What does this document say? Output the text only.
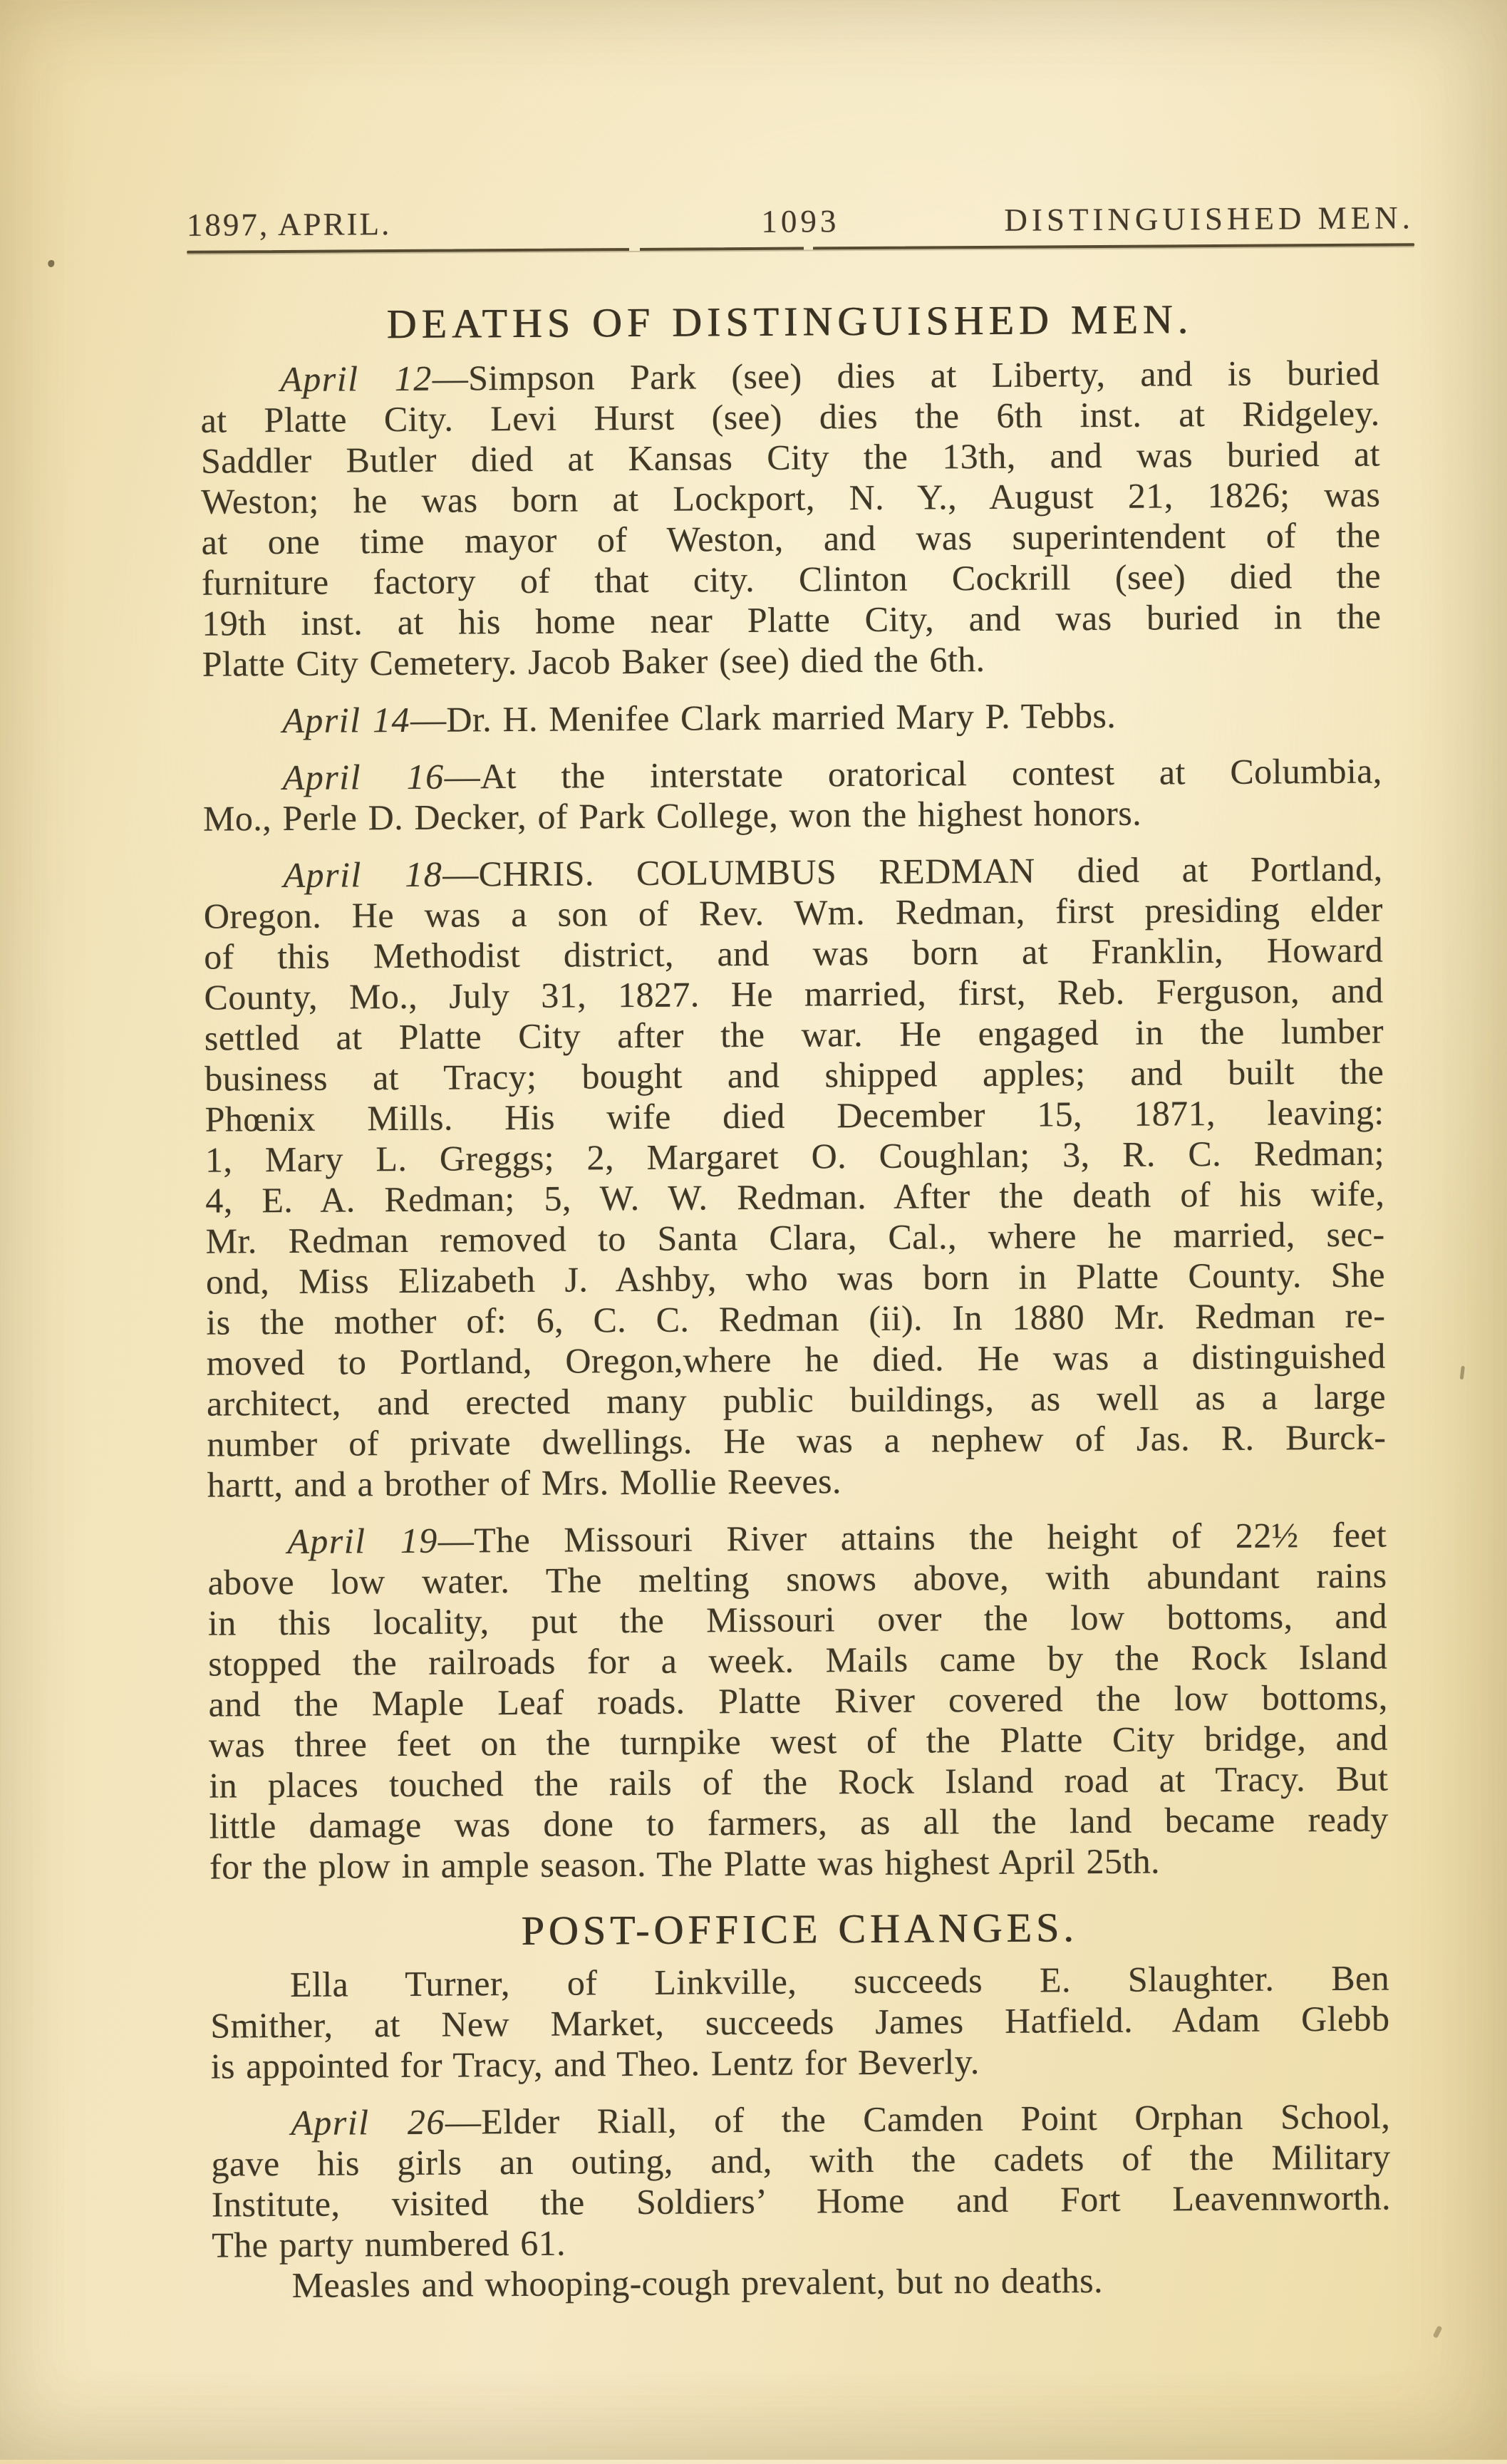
1897, APRIL.	1093	DISTINGUISHED MEN.
DEATHS OF DISTINGUISHED MEN.
April 12—Simpson Park (see) dies at Liberty, and is buried
at Platte City. Levi Hurst (see) dies the 6th inst. at Ridgeley.
Saddler Butler died at Kansas City the 13th, and was buried at
Weston; he was born at Lockport, N. Y., August 21, 1826; was
at one time mayor of Weston, and was superintendent of the
furniture factory of that city. Clinton Cockrill (see) died the
19th inst. at his home near Platte City, and was buried in the
Platte City Cemetery. Jacob Baker (see) died the 6th.
April 14—Dr. H. Menifee Clark married Mary P. Tebbs.
April 16—At the interstate oratorical contest at Columbia,
Mo., Perle D. Decker, of Park College, won the highest honors.
April 18—CHRIS. COLUMBUS REDMAN died at Portland,
Oregon. He was a son of Rev. Wm. Redman, first presiding elder
of this Methodist district, and was born at Franklin, Howard
County, Mo., July 31, 1827. He married, first, Reb. Ferguson, and
settled at Platte City after the war. He engaged in the lumber
business at Tracy; bought and shipped apples; and built the
Phœnix Mills. His wife died December 15, 1871, leaving:
1, Mary L. Greggs; 2, Margaret O. Coughlan; 3, R. C. Redman;
4, E. A. Redman; 5, W. W. Redman. After the death of his wife,
Mr. Redman removed to Santa Clara, Cal., where he married, sec-
ond, Miss Elizabeth J. Ashby, who was born in Platte County. She
is the mother of: 6, C. C. Redman (ii). In 1880 Mr. Redman re-
moved to Portland, Oregon,where he died. He was a distinguished
architect, and erected many public buildings, as well as a large
number of private dwellings. He was a nephew of Jas. R. Burck-
hartt, and a brother of Mrs. Mollie Reeves.
April 19—The Missouri River attains the height of 22½ feet
above low water. The melting snows above, with abundant rains
in this locality, put the Missouri over the low bottoms, and
stopped the railroads for a week. Mails came by the Rock Island
and the Maple Leaf roads. Platte River covered the low bottoms,
was three feet on the turnpike west of the Platte City bridge, and
in places touched the rails of the Rock Island road at Tracy. But
little damage was done to farmers, as all the land became ready
for the plow in ample season. The Platte was highest April 25th.
POST-OFFICE CHANGES.
Ella Turner, of Linkville, succeeds E. Slaughter. Ben
Smither, at New Market, succeeds James Hatfield. Adam Glebb
is appointed for Tracy, and Theo. Lentz for Beverly.
April 26—Elder Riall, of the Camden Point Orphan School,
gave his girls an outing, and, with the cadets of the Military
Institute, visited the Soldiers’ Home and Fort Leavennworth.
The party numbered 61.
Measles and whooping-cough prevalent, but no deaths.
